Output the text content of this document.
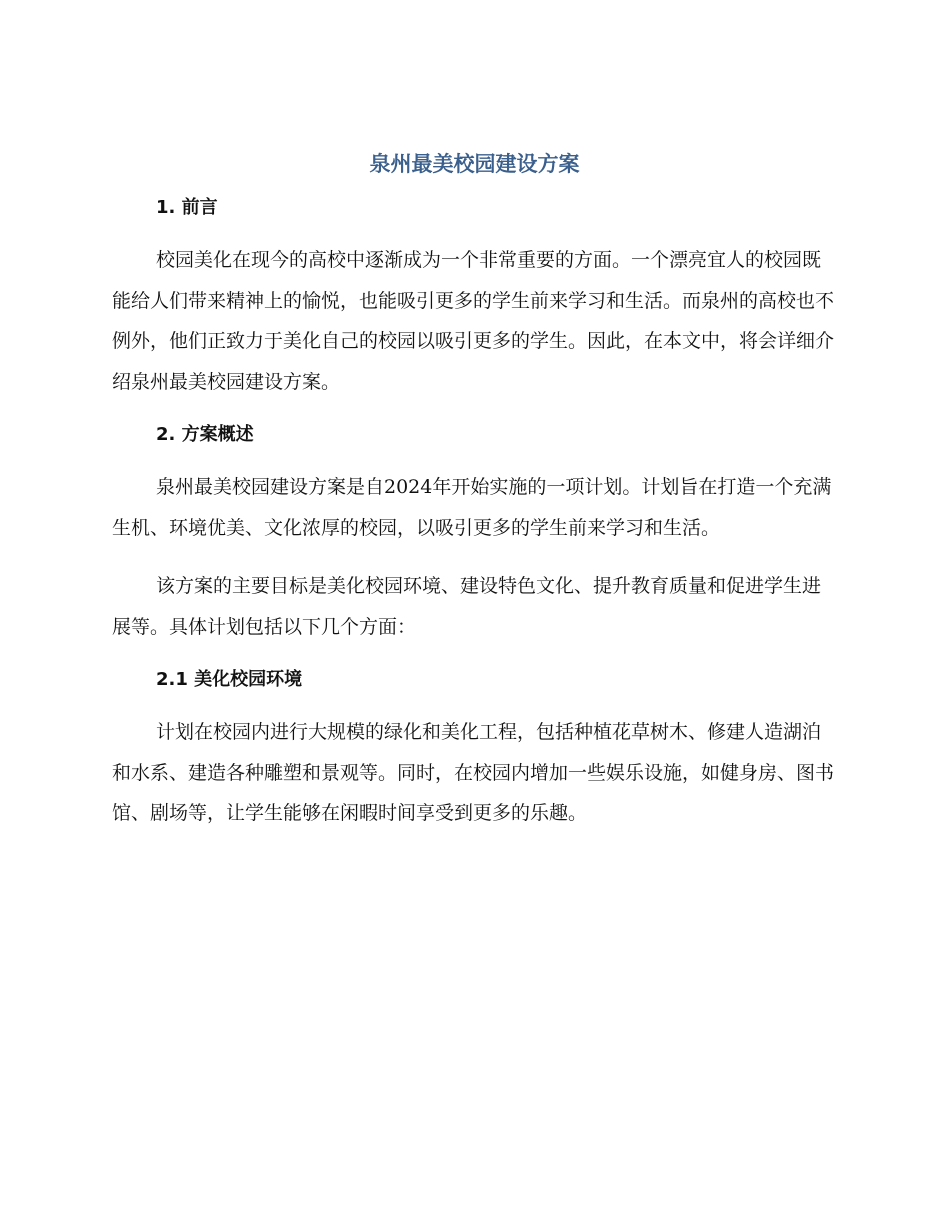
泉州最美校园建设方案
1. 前言

校园美化在现今的高校中逐渐成为一个非常重要的方面。一个漂亮宜人的校园既能给人们带来精神上的愉悦，也能吸引更多的学生前来学习和生活。而泉州的高校也不例外，他们正致力于美化自己的校园以吸引更多的学生。因此，在本文中，将会详细介绍泉州最美校园建设方案。

2. 方案概述

泉州最美校园建设方案是自2024年开始实施的一项计划。计划旨在打造一个充满生机、环境优美、文化浓厚的校园，以吸引更多的学生前来学习和生活。

该方案的主要目标是美化校园环境、建设特色文化、提升教育质量和促进学生进展等。具体计划包括以下几个方面：

2.1 美化校园环境

计划在校园内进行大规模的绿化和美化工程，包括种植花草树木、修建人造湖泊和水系、建造各种雕塑和景观等。同时，在校园内增加一些娱乐设施，如健身房、图书馆、剧场等，让学生能够在闲暇时间享受到更多的乐趣。
